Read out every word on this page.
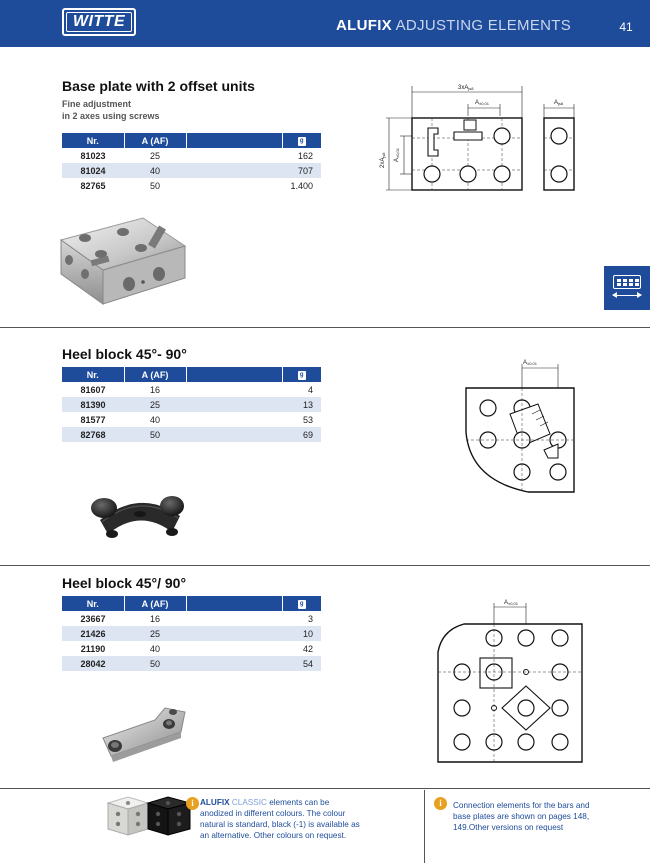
WITTE	ALUFIX ADJUSTING ELEMENTS	41
Base plate with 2 offset units
Fine adjustment
in 2 axes using screws
Nr.	A (AF)		g
81023	25		162
81024	40		707
82765	50		1.400
3xAjs8
A±0,01	Ajs8
2xAjs8
A±0,01
Heel block 45°- 90°
Nr.	A (AF)		g
81607	16		4
81390	25		13
81577	40		53
82768	50		69
A±0,01
Heel block 45°/ 90°
Nr.	A (AF)		g
23667	16		3
21426	25		10
21190	40		42
28042	50		54
A±0,01
i ALUFIX CLASSIC elements can be
anodized in different colours. The colour
natural is standard, black (-1) is available as
an alternative. Other colours on request.
i	Connection elements for the bars and
base plates are shown on pages 148,
149.Other versions on request
